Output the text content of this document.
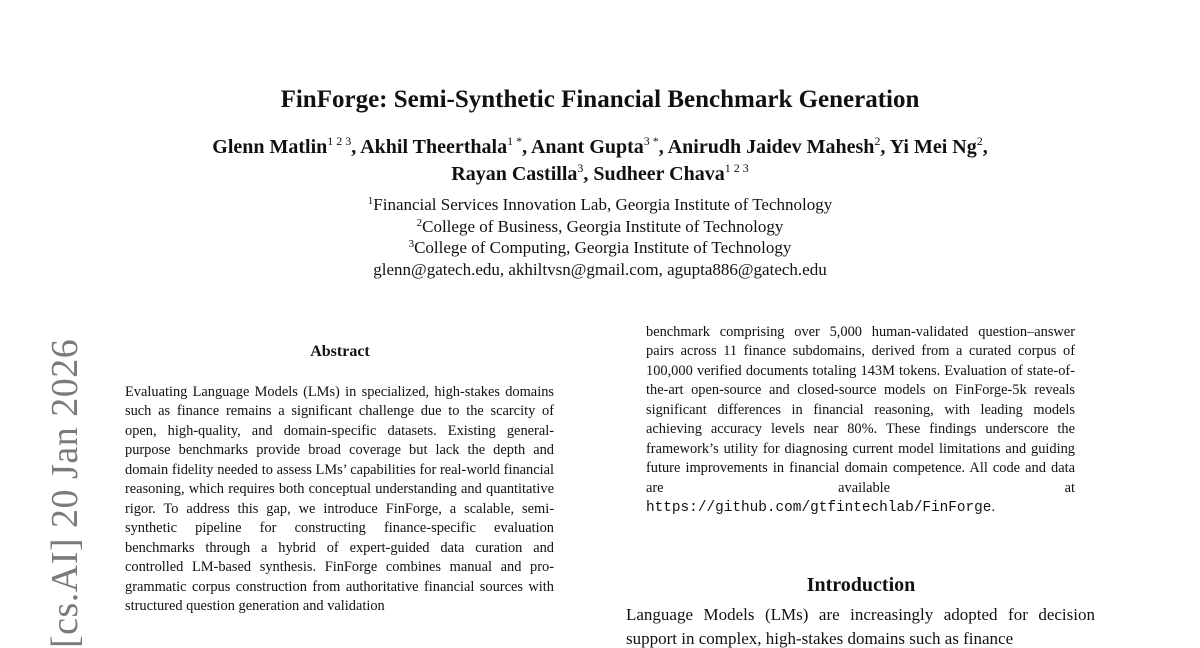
FinForge: Semi-Synthetic Financial Benchmark Generation
Glenn Matlin$^{1 2 3}$, Akhil Theerthala$^{1 *}$, Anant Gupta$^{3 *}$, Anirudh Jaidev Mahesh$^2$, Yi Mei Ng$^2$,
Rayan Castilla$^3$, Sudheer Chava$^{1 2 3}$
$^1$Financial Services Innovation Lab, Georgia Institute of Technology
$^2$College of Business, Georgia Institute of Technology
$^3$College of Computing, Georgia Institute of Technology
glenn@gatech.edu, akhiltvsn@gmail.com, agupta886@gatech.edu
[cs.AI] 20 Jan 2026	Abstract
Evaluating Language Models (LMs) in specialized, high-stakes domains such as finance remains a significant challenge due to the scarcity of open, high-quality, and domain-specific datasets. Existing general-purpose benchmarks provide broad coverage but lack the depth and domain fidelity needed to assess LMs’ capabilities for real-world financial reasoning, which requires both conceptual understanding and quantitative rigor. To address this gap, we introduce FinForge, a scalable, semi-synthetic pipeline for constructing finance-specific evaluation benchmarks through a hybrid of expert-guided data curation and controlled LM-based synthesis. FinForge combines manual and programmatic corpus construction from authoritative financial sources with structured question generation and validation
benchmark comprising over 5,000 human-validated question–answer pairs across 11 finance subdomains, derived from a curated corpus of 100,000 verified documents totaling 143M tokens. Evaluation of state-of-the-art open-source and closed-source models on FinForge-5k reveals significant differences in financial reasoning, with leading models achieving accuracy levels near 80%. These findings underscore the framework’s utility for diagnosing current model limitations and guiding future improvements in financial domain competence. All code and data are available at https://github.com/gtfintechlab/FinForge.
Introduction
Language Models (LMs) are increasingly adopted for decision support in complex, high-stakes domains such as finance
